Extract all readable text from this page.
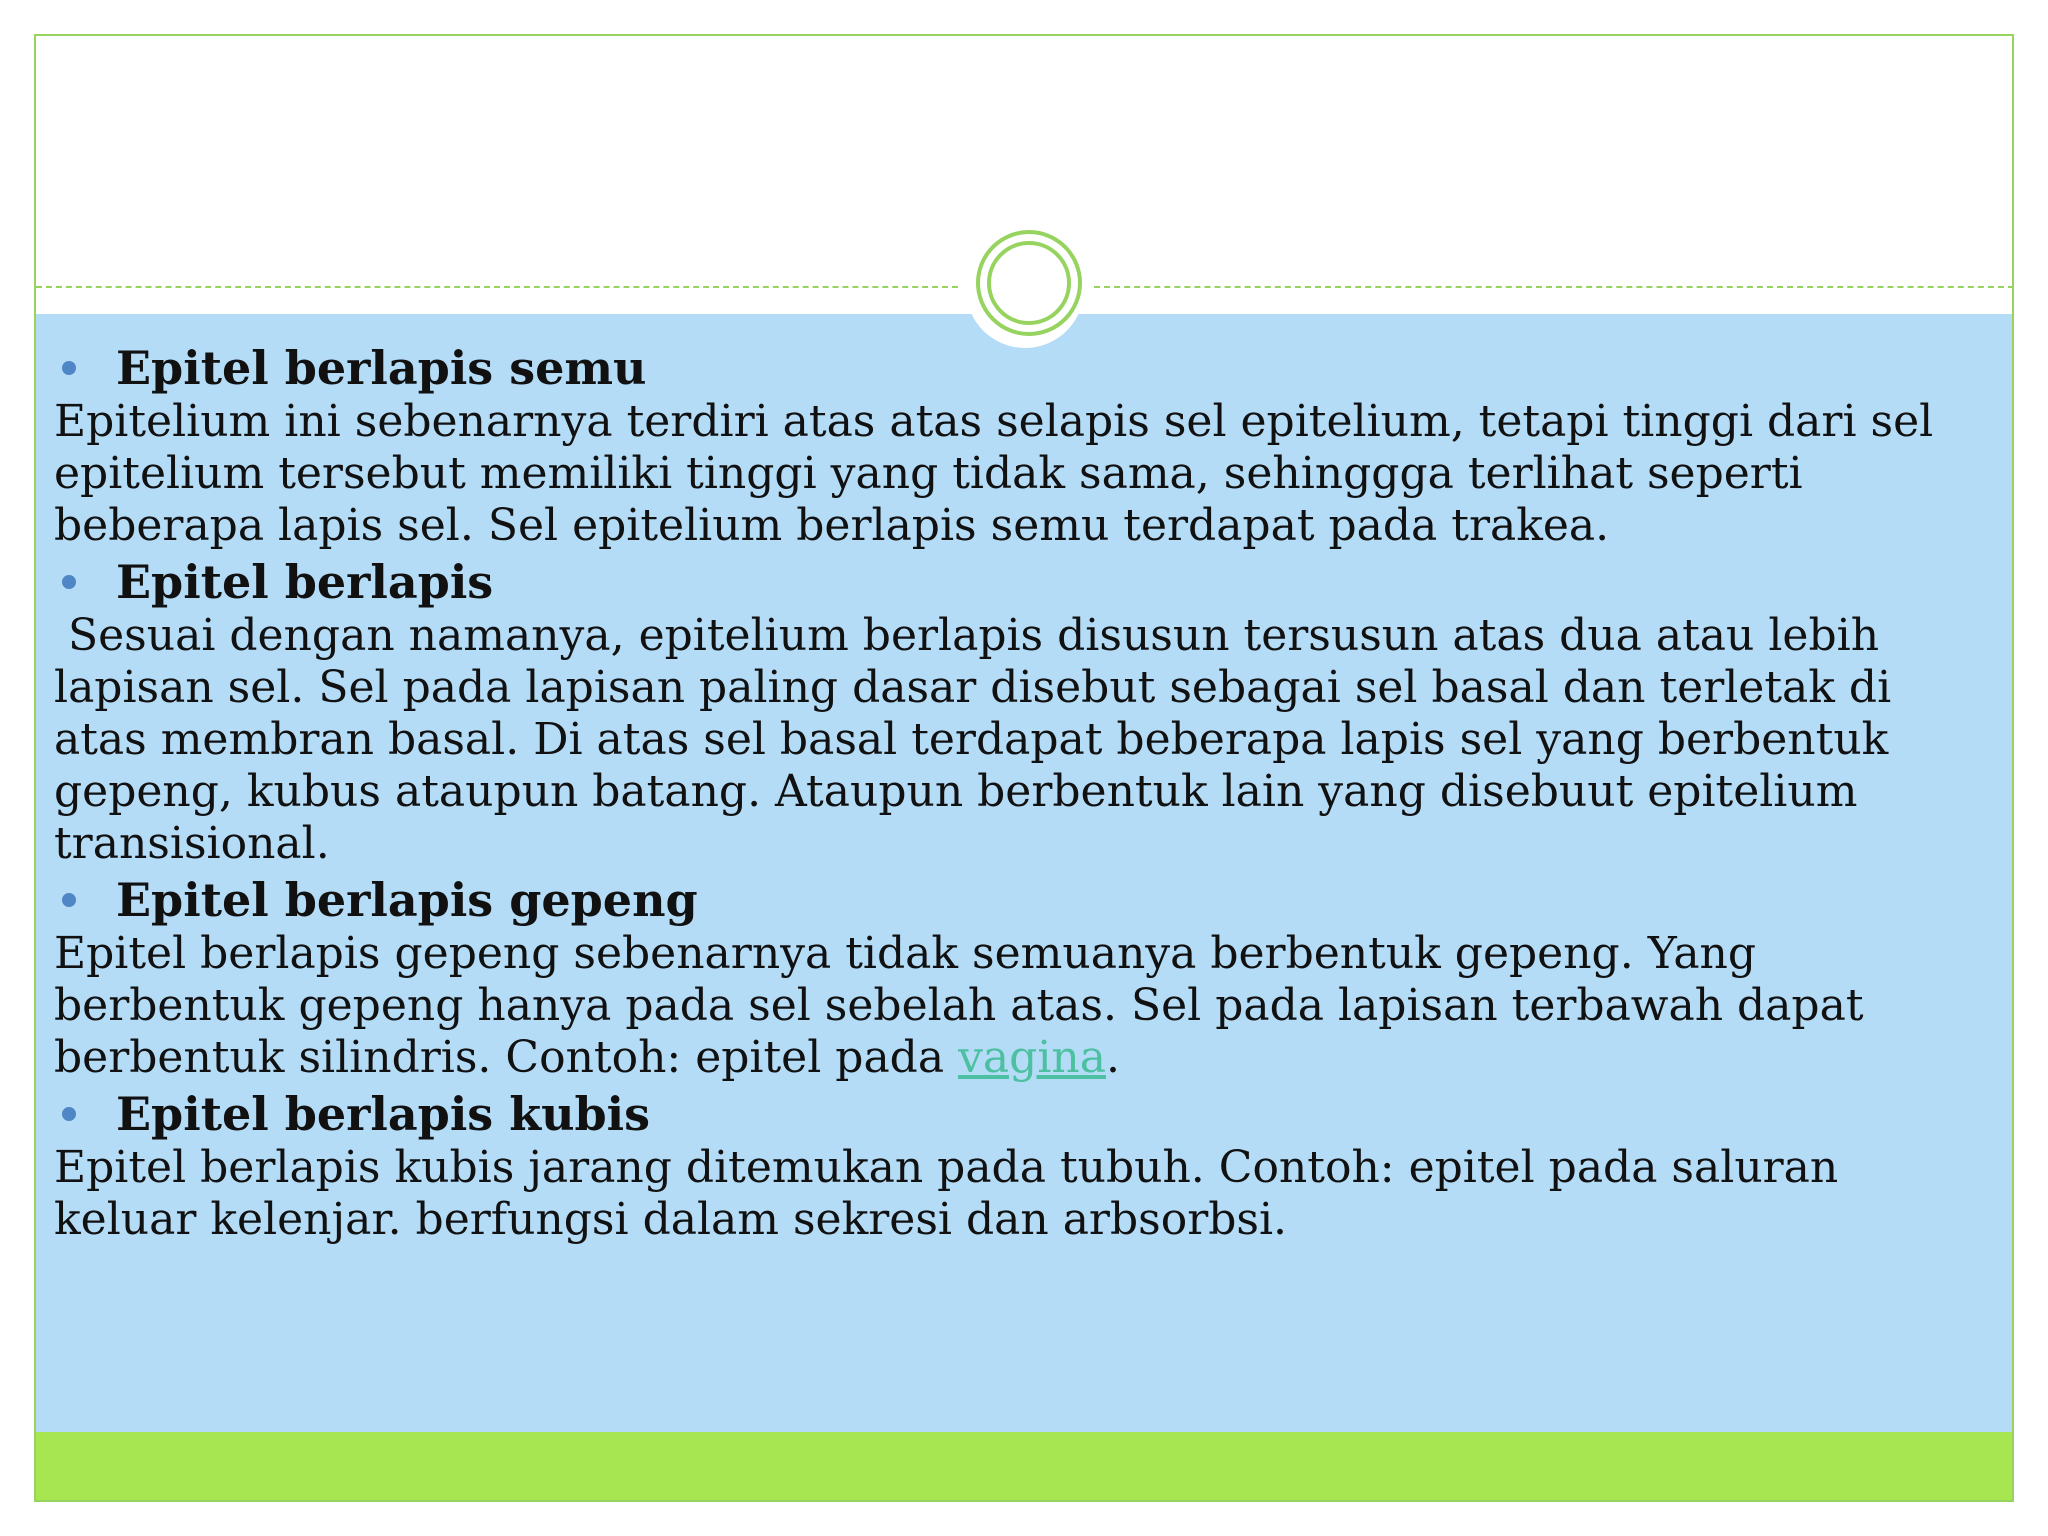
Epitel berlapis semu

Epitelium ini sebenarnya terdiri atas atas selapis sel epitelium, tetapi tinggi dari sel epitelium tersebut memiliki tinggi yang tidak sama, sehinggga terlihat seperti beberapa lapis sel. Sel epitelium berlapis semu terdapat pada trakea.

Epitel berlapis

Sesuai dengan namanya, epitelium berlapis disusun tersusun atas dua atau lebih lapisan sel. Sel pada lapisan paling dasar disebut sebagai sel basal dan terletak di atas membran basal. Di atas sel basal terdapat beberapa lapis sel yang berbentuk gepeng, kubus ataupun batang. Ataupun berbentuk lain yang disebuut epitelium transisional.

Epitel berlapis gepeng

Epitel berlapis gepeng sebenarnya tidak semuanya berbentuk gepeng. Yang berbentuk gepeng hanya pada sel sebelah atas. Sel pada lapisan terbawah dapat berbentuk silindris. Contoh: epitel pada vagina.

Epitel berlapis kubis

Epitel berlapis kubis jarang ditemukan pada tubuh. Contoh: epitel pada saluran keluar kelenjar. berfungsi dalam sekresi dan arbsorbsi.
